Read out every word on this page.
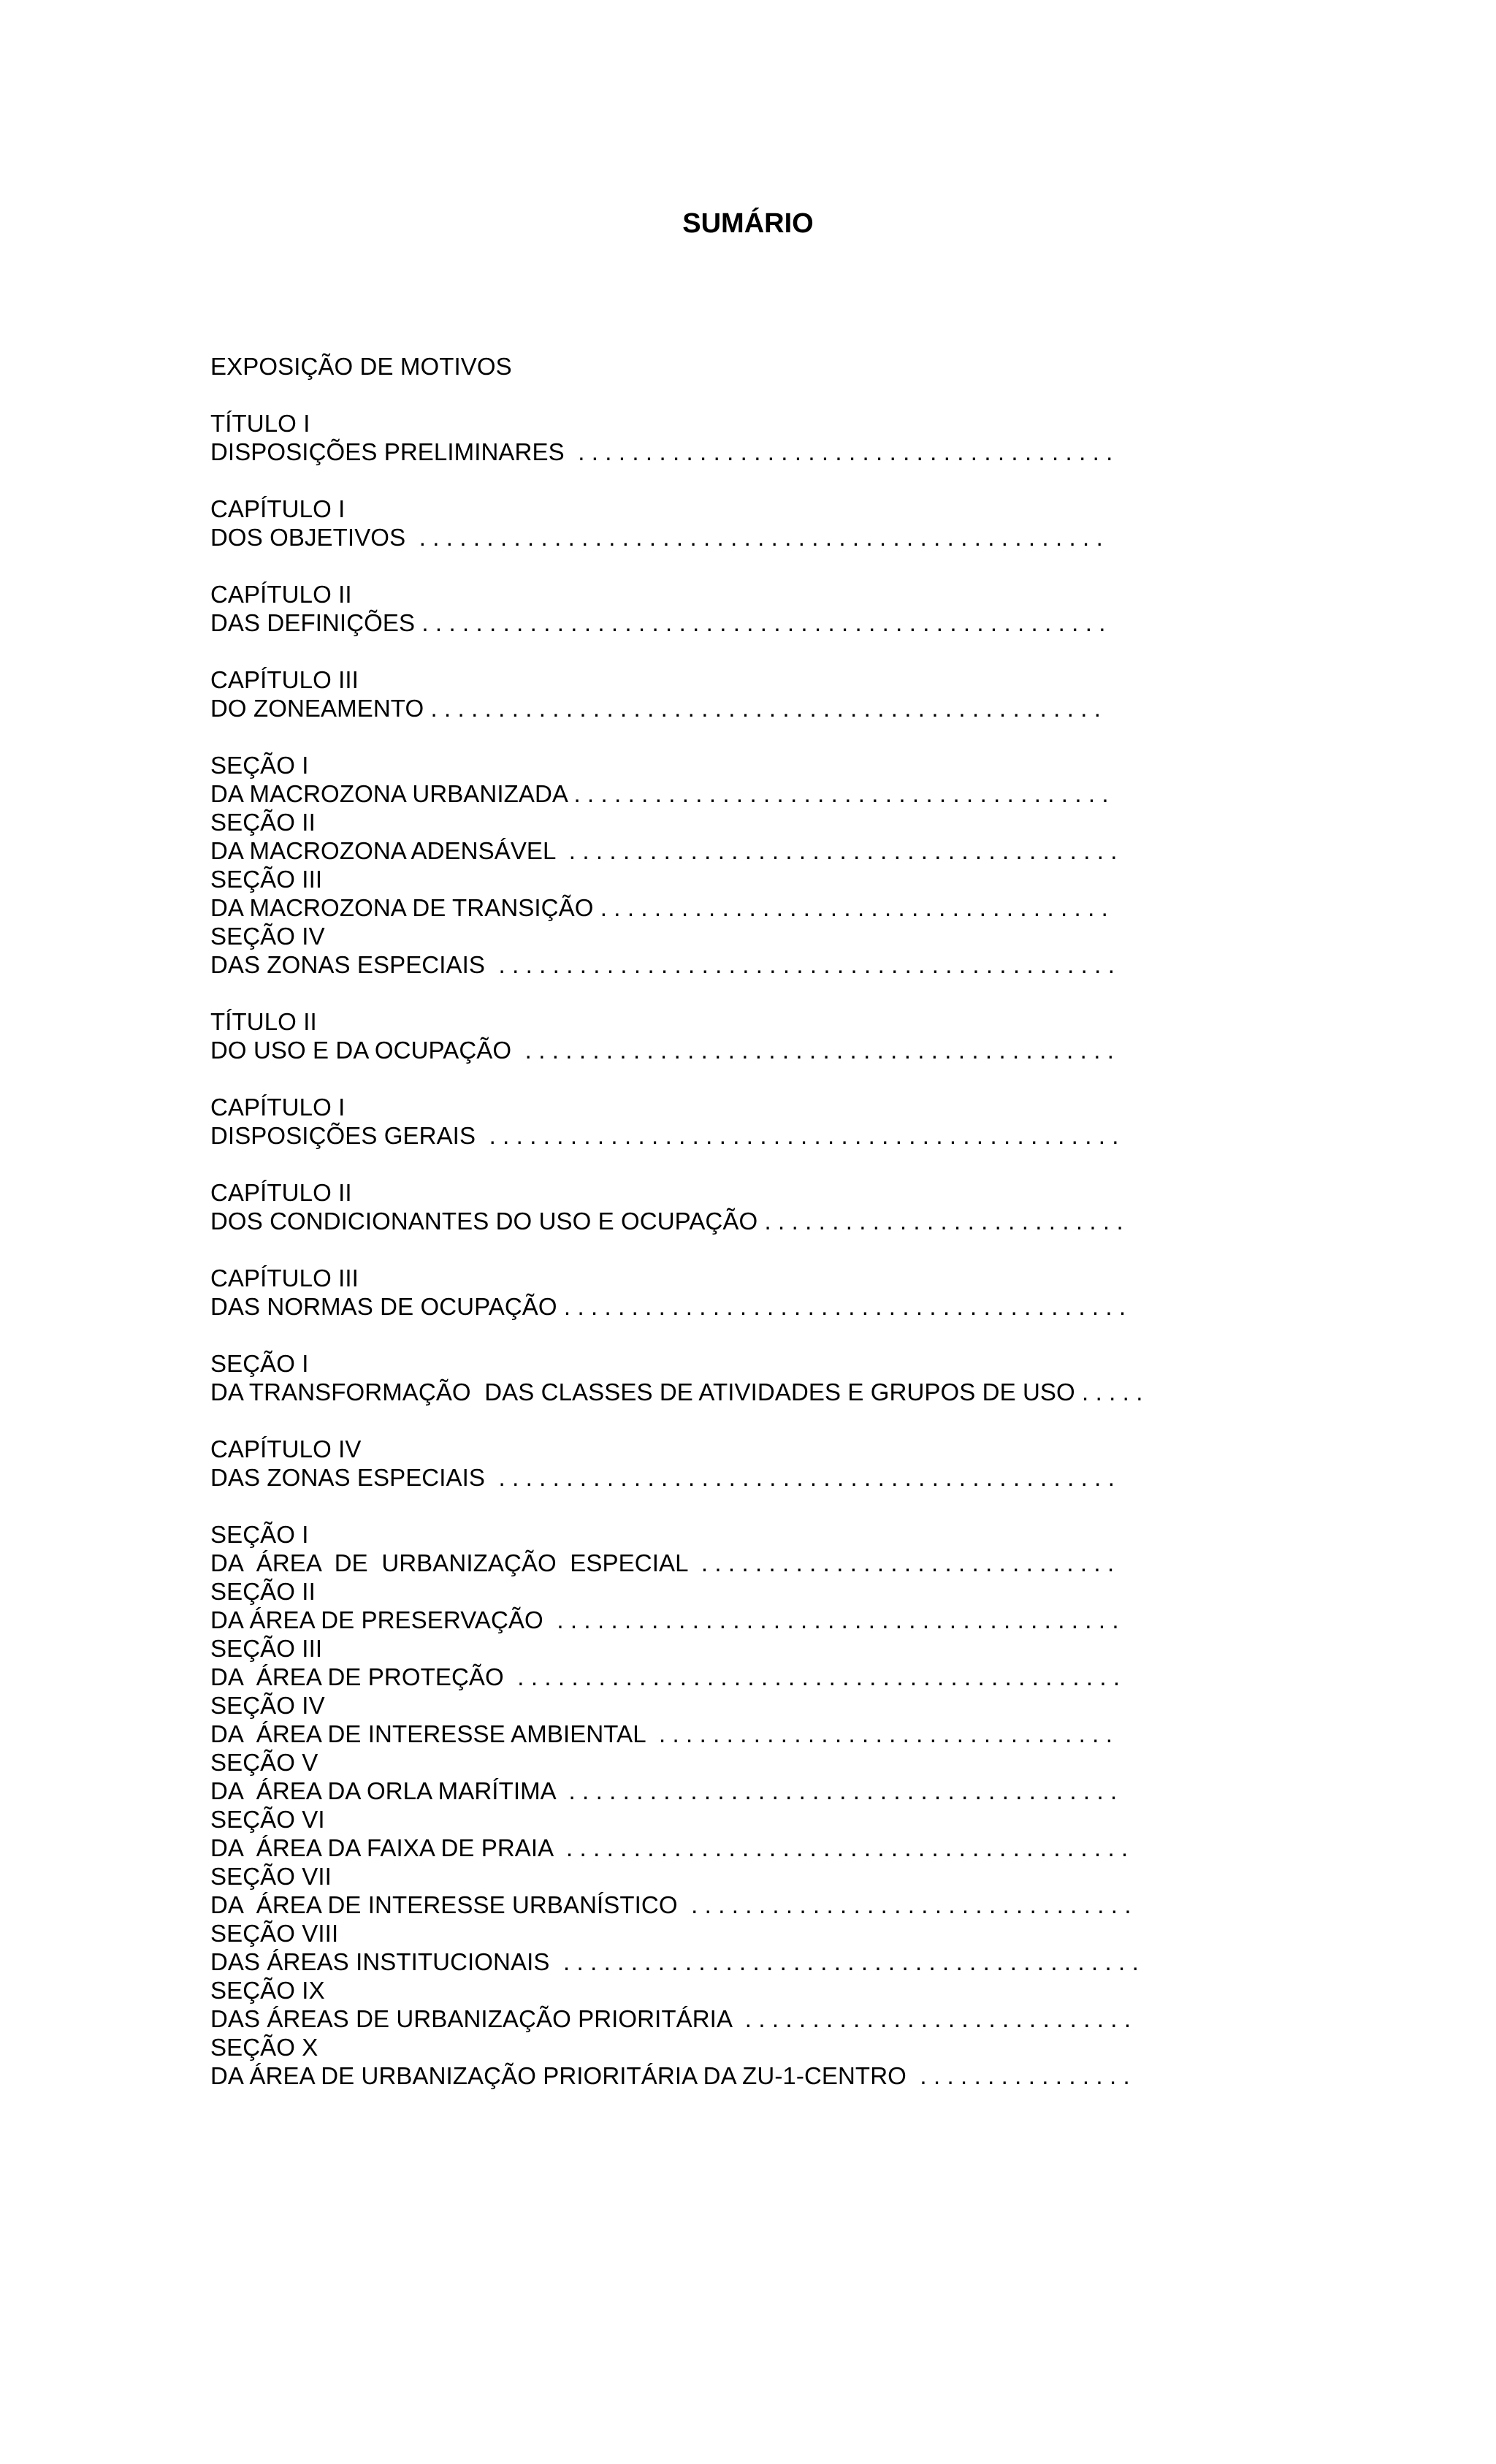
SUMÁRIO
EXPOSIÇÃO DE MOTIVOS
TÍTULO I
DISPOSIÇÕES PRELIMINARES  . . . . . . . . . . . . . . . . . . . . . . . . . . . . . . . . . . . . . . . .
CAPÍTULO I
DOS OBJETIVOS  . . . . . . . . . . . . . . . . . . . . . . . . . . . . . . . . . . . . . . . . . . . . . . . . . . .
CAPÍTULO II
DAS DEFINIÇÕES . . . . . . . . . . . . . . . . . . . . . . . . . . . . . . . . . . . . . . . . . . . . . . . . . . .
CAPÍTULO III
DO ZONEAMENTO . . . . . . . . . . . . . . . . . . . . . . . . . . . . . . . . . . . . . . . . . . . . . . . . . .
SEÇÃO I
DA MACROZONA URBANIZADA . . . . . . . . . . . . . . . . . . . . . . . . . . . . . . . . . . . . . . . .
SEÇÃO II
DA MACROZONA ADENSÁVEL  . . . . . . . . . . . . . . . . . . . . . . . . . . . . . . . . . . . . . . . . .
SEÇÃO III
DA MACROZONA DE TRANSIÇÃO . . . . . . . . . . . . . . . . . . . . . . . . . . . . . . . . . . . . . .
SEÇÃO IV
DAS ZONAS ESPECIAIS  . . . . . . . . . . . . . . . . . . . . . . . . . . . . . . . . . . . . . . . . . . . . . .
TÍTULO II
DO USO E DA OCUPAÇÃO  . . . . . . . . . . . . . . . . . . . . . . . . . . . . . . . . . . . . . . . . . . . .
CAPÍTULO I
DISPOSIÇÕES GERAIS  . . . . . . . . . . . . . . . . . . . . . . . . . . . . . . . . . . . . . . . . . . . . . . .
CAPÍTULO II
DOS CONDICIONANTES DO USO E OCUPAÇÃO . . . . . . . . . . . . . . . . . . . . . . . . . . .
CAPÍTULO III
DAS NORMAS DE OCUPAÇÃO . . . . . . . . . . . . . . . . . . . . . . . . . . . . . . . . . . . . . . . . . .
SEÇÃO I
DA TRANSFORMAÇÃO  DAS CLASSES DE ATIVIDADES E GRUPOS DE USO . . . . .
CAPÍTULO IV
DAS ZONAS ESPECIAIS  . . . . . . . . . . . . . . . . . . . . . . . . . . . . . . . . . . . . . . . . . . . . . .
SEÇÃO I
DA  ÁREA  DE  URBANIZAÇÃO  ESPECIAL  . . . . . . . . . . . . . . . . . . . . . . . . . . . . . . .
SEÇÃO II
DA ÁREA DE PRESERVAÇÃO  . . . . . . . . . . . . . . . . . . . . . . . . . . . . . . . . . . . . . . . . . .
SEÇÃO III
DA  ÁREA DE PROTEÇÃO  . . . . . . . . . . . . . . . . . . . . . . . . . . . . . . . . . . . . . . . . . . . . .
SEÇÃO IV
DA  ÁREA DE INTERESSE AMBIENTAL  . . . . . . . . . . . . . . . . . . . . . . . . . . . . . . . . . .
SEÇÃO V
DA  ÁREA DA ORLA MARÍTIMA  . . . . . . . . . . . . . . . . . . . . . . . . . . . . . . . . . . . . . . . . .
SEÇÃO VI
DA  ÁREA DA FAIXA DE PRAIA  . . . . . . . . . . . . . . . . . . . . . . . . . . . . . . . . . . . . . . . . . .
SEÇÃO VII
DA  ÁREA DE INTERESSE URBANÍSTICO  . . . . . . . . . . . . . . . . . . . . . . . . . . . . . . . . .
SEÇÃO VIII
DAS ÁREAS INSTITUCIONAIS  . . . . . . . . . . . . . . . . . . . . . . . . . . . . . . . . . . . . . . . . . . .
SEÇÃO IX
DAS ÁREAS DE URBANIZAÇÃO PRIORITÁRIA  . . . . . . . . . . . . . . . . . . . . . . . . . . . . .
SEÇÃO X
DA ÁREA DE URBANIZAÇÃO PRIORITÁRIA DA ZU-1-CENTRO  . . . . . . . . . . . . . . . .
